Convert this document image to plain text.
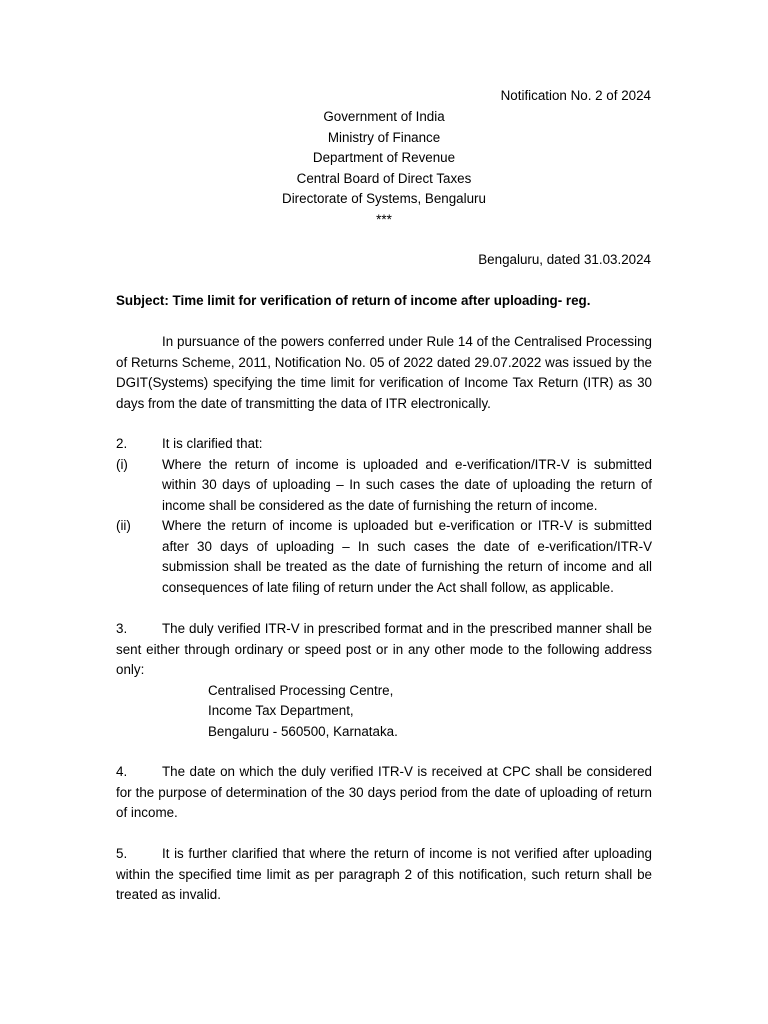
Notification No. 2 of 2024
Government of India
Ministry of Finance
Department of Revenue
Central Board of Direct Taxes
Directorate of Systems, Bengaluru
***
Bengaluru, dated 31.03.2024
Subject: Time limit for verification of return of income after uploading- reg.
In pursuance of the powers conferred under Rule 14 of the Centralised Processing of Returns Scheme, 2011, Notification No. 05 of 2022 dated 29.07.2022 was issued by the DGIT(Systems) specifying the time limit for verification of Income Tax Return (ITR) as 30 days from the date of transmitting the data of ITR electronically.
2.	It is clarified that:
(i)	Where the return of income is uploaded and e-verification/ITR-V is submitted within 30 days of uploading – In such cases the date of uploading the return of income shall be considered as the date of furnishing the return of income.
(ii)	Where the return of income is uploaded but e-verification or ITR-V is submitted after 30 days of uploading – In such cases the date of e-verification/ITR-V submission shall be treated as the date of furnishing the return of income and all consequences of late filing of return under the Act shall follow, as applicable.
3.	The duly verified ITR-V in prescribed format and in the prescribed manner shall be sent either through ordinary or speed post or in any other mode to the following address only:
Centralised Processing Centre,
Income Tax Department,
Bengaluru - 560500, Karnataka.
4.	The date on which the duly verified ITR-V is received at CPC shall be considered for the purpose of determination of the 30 days period from the date of uploading of return of income.
5.	It is further clarified that where the return of income is not verified after uploading within the specified time limit as per paragraph 2 of this notification, such return shall be treated as invalid.
